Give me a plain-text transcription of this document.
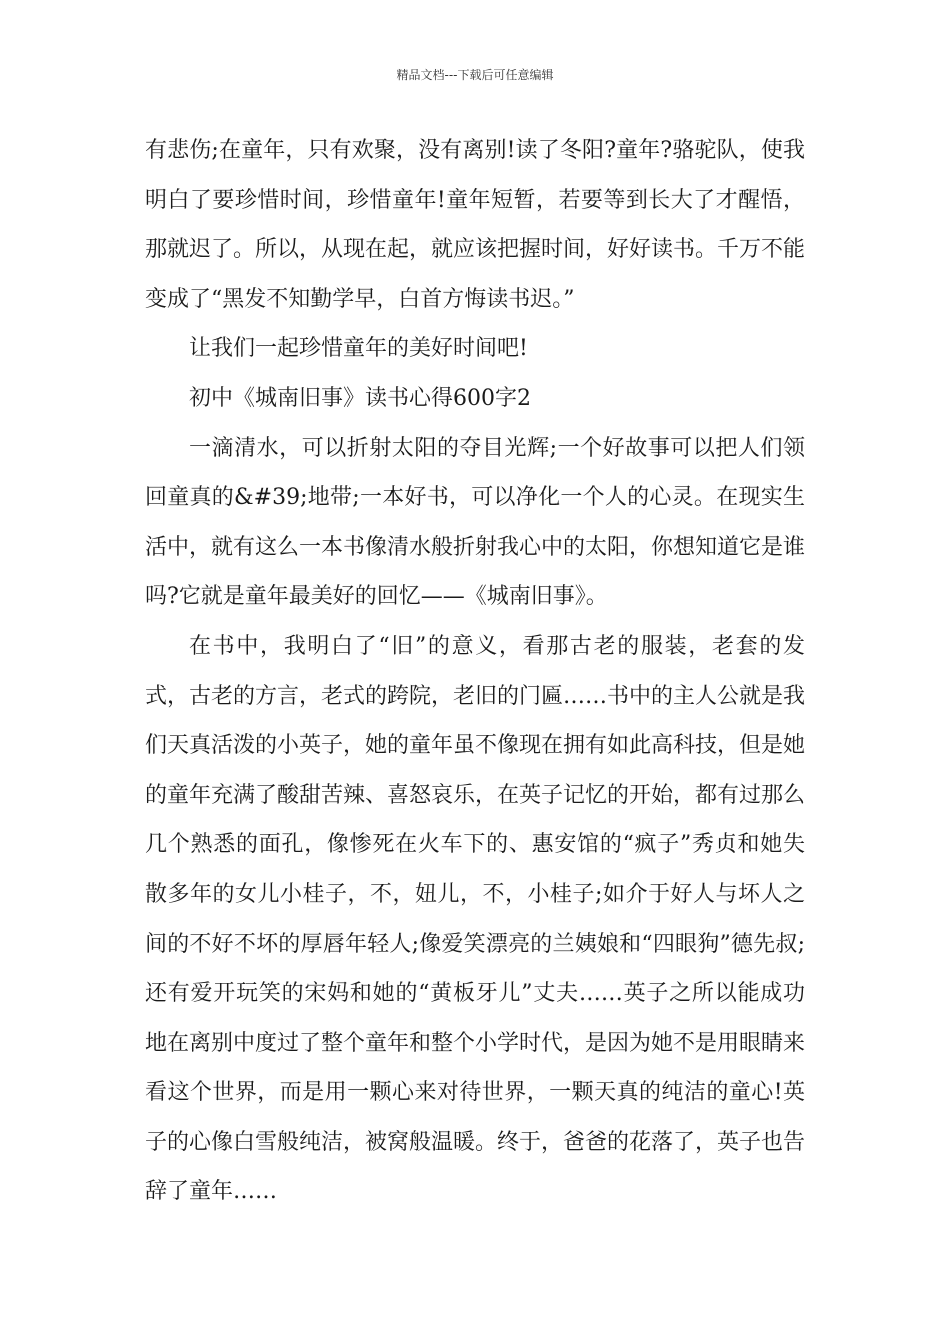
精品文档---下载后可任意编辑

有悲伤;在童年，只有欢聚，没有离别!读了冬阳?童年?骆驼队，使我明白了要珍惜时间，珍惜童年!童年短暂，若要等到长大了才醒悟，那就迟了。所以，从现在起，就应该把握时间，好好读书。千万不能变成了“黑发不知勤学早，白首方悔读书迟。”

让我们一起珍惜童年的美好时间吧!

初中《城南旧事》读书心得600字2

一滴清水，可以折射太阳的夺目光辉;一个好故事可以把人们领回童真的&#39;地带;一本好书，可以净化一个人的心灵。在现实生活中，就有这么一本书像清水般折射我心中的太阳，你想知道它是谁吗?它就是童年最美好的回忆——《城南旧事》。

在书中，我明白了“旧”的意义，看那古老的服装，老套的发式，古老的方言，老式的跨院，老旧的门匾……书中的主人公就是我们天真活泼的小英子，她的童年虽不像现在拥有如此高科技，但是她的童年充满了酸甜苦辣、喜怒哀乐，在英子记忆的开始，都有过那么几个熟悉的面孔，像惨死在火车下的、惠安馆的“疯子”秀贞和她失散多年的女儿小桂子，不，妞儿，不，小桂子;如介于好人与坏人之间的不好不坏的厚唇年轻人;像爱笑漂亮的兰姨娘和“四眼狗”德先叔;还有爱开玩笑的宋妈和她的“黄板牙儿”丈夫……英子之所以能成功地在离别中度过了整个童年和整个小学时代，是因为她不是用眼睛来看这个世界，而是用一颗心来对待世界，一颗天真的纯洁的童心!英子的心像白雪般纯洁，被窝般温暖。终于，爸爸的花落了，英子也告辞了童年……
